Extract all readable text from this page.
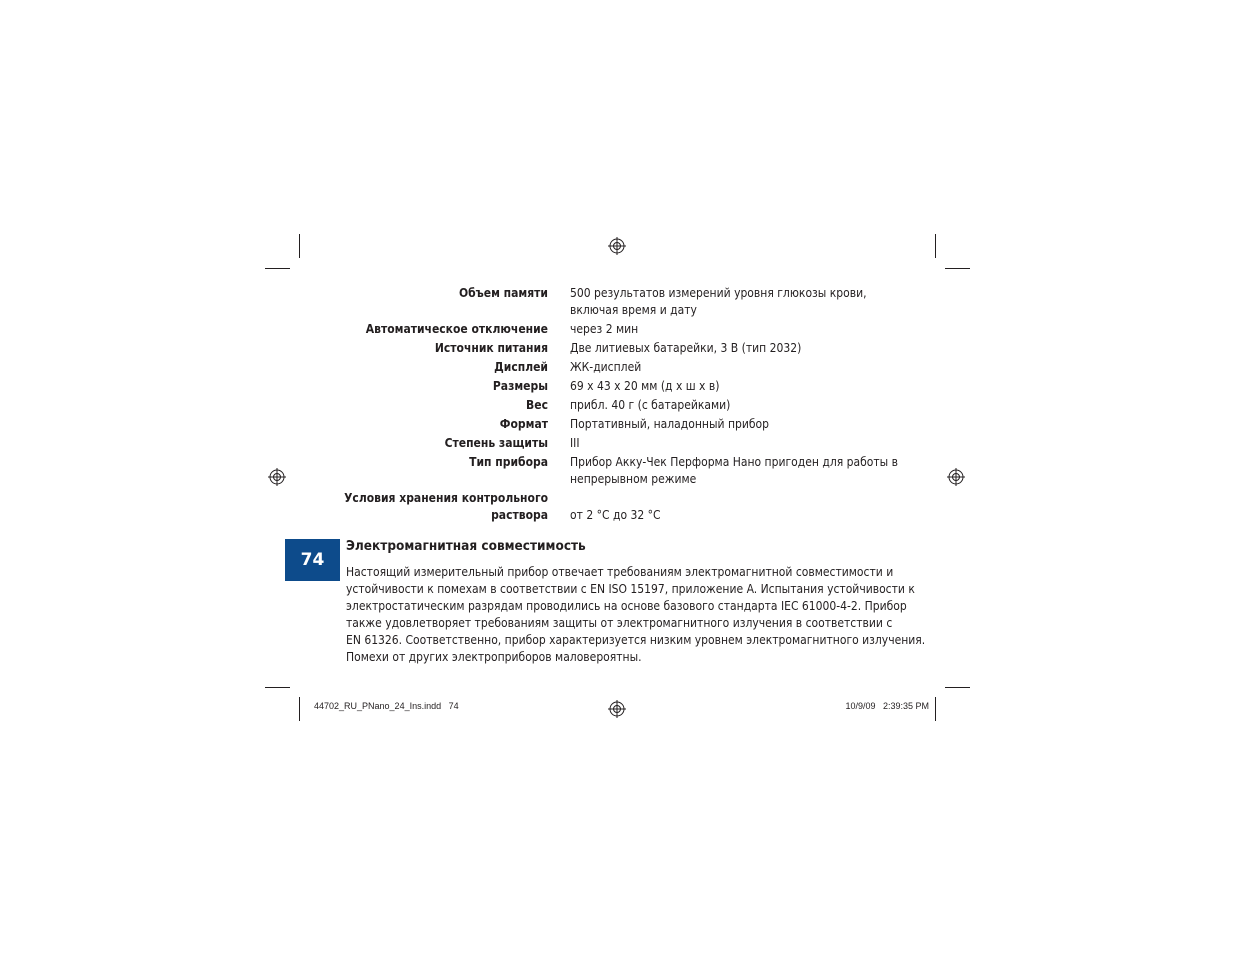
Объем памяти 500 результатов измерений уровня глюкозы крови,
включая время и дату
Автоматическое отключение через 2 мин
Источник питания Две литиевых батарейки, 3 В (тип 2032)
Дисплей ЖК-дисплей
Размеры 69 x 43 x 20 мм (д x ш x в)
Вес прибл. 40 г (с батарейками)
Формат Портативный, наладонный прибор
Степень защиты III
Тип прибора Прибор Акку-Чек Перформа Нано пригоден для работы в
непрерывном режиме
Условия хранения контрольного
раствора от 2 °C до 32 °C
74
Электромагнитная совместимость
Настоящий измерительный прибор отвечает требованиям электромагнитной совместимости и
устойчивости к помехам в соответствии с EN ISO 15197, приложение A. Испытания устойчивости к
электростатическим разрядам проводились на основе базового стандарта IEC 61000-4-2. Прибор
также удовлетворяет требованиям защиты от электромагнитного излучения в соответствии с
EN 61326. Соответственно, прибор характеризуется низким уровнем электромагнитного излучения.
Помехи от других электроприборов маловероятны.
44702_RU_PNano_24_Ins.indd   74	10/9/09   2:39:35 PM
